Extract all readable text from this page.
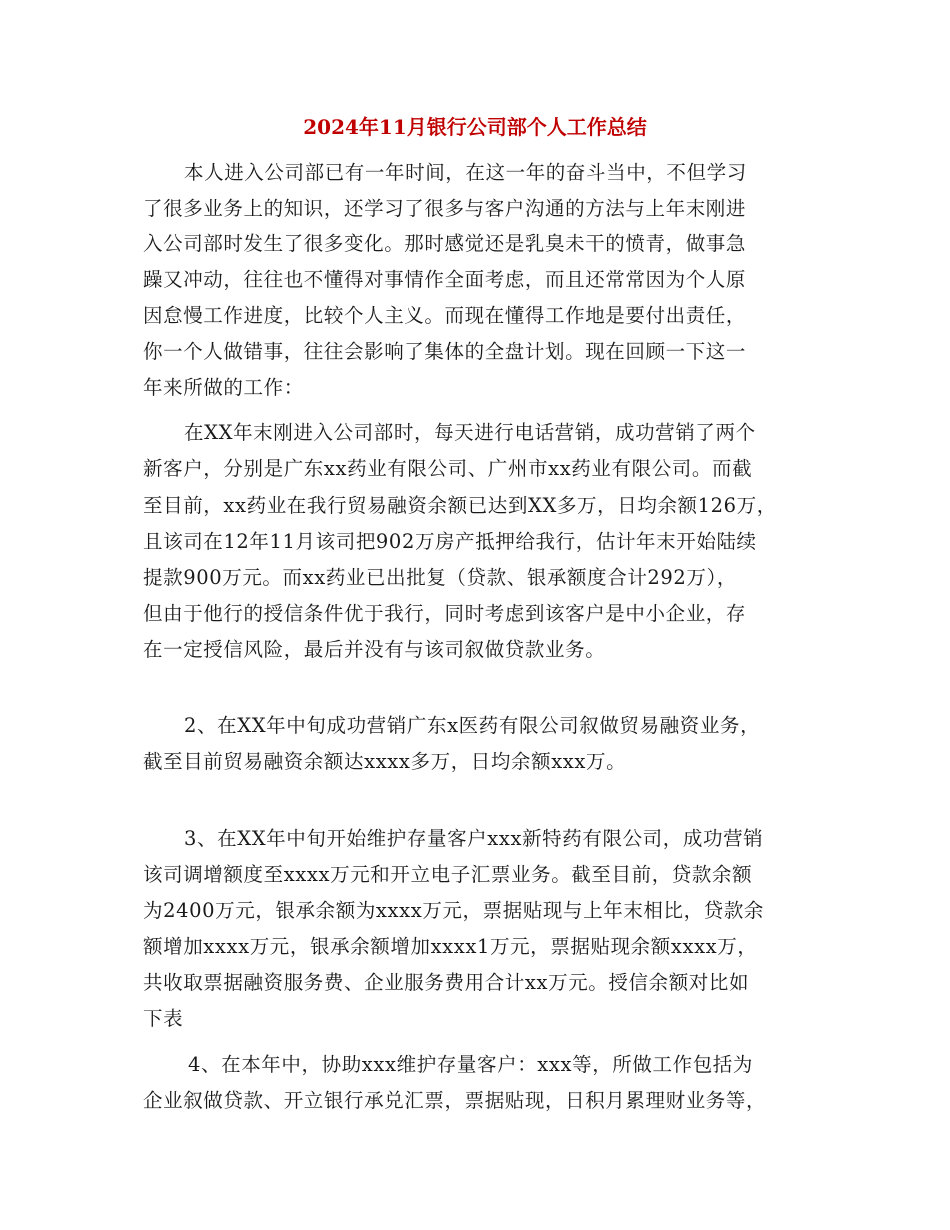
2024年11月银行公司部个人工作总结
本人进入公司部已有一年时间，在这一年的奋斗当中，不但学习
了很多业务上的知识，还学习了很多与客户沟通的方法与上年末刚进
入公司部时发生了很多变化。那时感觉还是乳臭未干的愤青，做事急
躁又冲动，往往也不懂得对事情作全面考虑，而且还常常因为个人原
因怠慢工作进度，比较个人主义。而现在懂得工作地是要付出责任，
你一个人做错事，往往会影响了集体的全盘计划。现在回顾一下这一
年来所做的工作：
在XX年末刚进入公司部时，每天进行电话营销，成功营销了两个
新客户，分别是广东xx药业有限公司、广州市xx药业有限公司。而截
至目前，xx药业在我行贸易融资余额已达到XX多万，日均余额126万，
且该司在12年11月该司把902万房产抵押给我行，估计年末开始陆续
提款900万元。而xx药业已出批复（贷款、银承额度合计292万），
但由于他行的授信条件优于我行，同时考虑到该客户是中小企业，存
在一定授信风险，最后并没有与该司叙做贷款业务。
2、在XX年中旬成功营销广东x医药有限公司叙做贸易融资业务，
截至目前贸易融资余额达xxxx多万，日均余额xxx万。
3、在XX年中旬开始维护存量客户xxx新特药有限公司，成功营销
该司调增额度至xxxx万元和开立电子汇票业务。截至目前，贷款余额
为2400万元，银承余额为xxxx万元，票据贴现与上年末相比，贷款余
额增加xxxx万元，银承余额增加xxxx1万元，票据贴现余额xxxx万，
共收取票据融资服务费、企业服务费用合计xx万元。授信余额对比如
下表
4、在本年中，协助xxx维护存量客户：xxx等，所做工作包括为
企业叙做贷款、开立银行承兑汇票，票据贴现，日积月累理财业务等，
